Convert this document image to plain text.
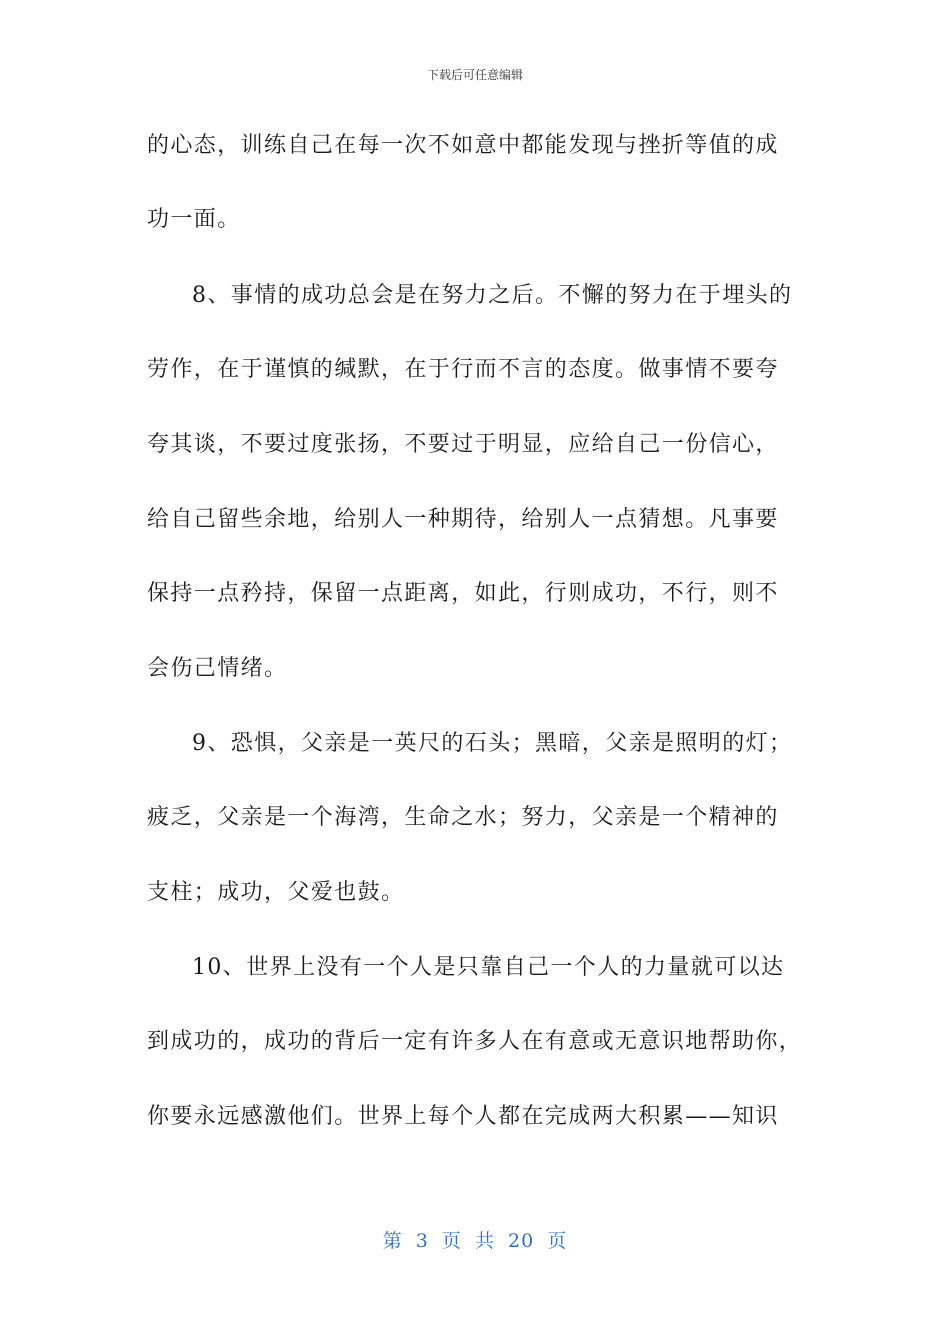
下载后可任意编辑
的心态，训练自己在每一次不如意中都能发现与挫折等值的成
功一面。
8、事情的成功总会是在努力之后。不懈的努力在于埋头的
劳作，在于谨慎的缄默，在于行而不言的态度。做事情不要夸
夸其谈，不要过度张扬，不要过于明显，应给自己一份信心，
给自己留些余地，给别人一种期待，给别人一点猜想。凡事要
保持一点矜持，保留一点距离，如此，行则成功，不行，则不
会伤己情绪。
9、恐惧，父亲是一英尺的石头；黑暗，父亲是照明的灯；
疲乏，父亲是一个海湾，生命之水；努力，父亲是一个精神的
支柱；成功，父爱也鼓。
10、世界上没有一个人是只靠自己一个人的力量就可以达
到成功的，成功的背后一定有许多人在有意或无意识地帮助你，
你要永远感激他们。世界上每个人都在完成两大积累——知识
第 3 页 共 20 页
